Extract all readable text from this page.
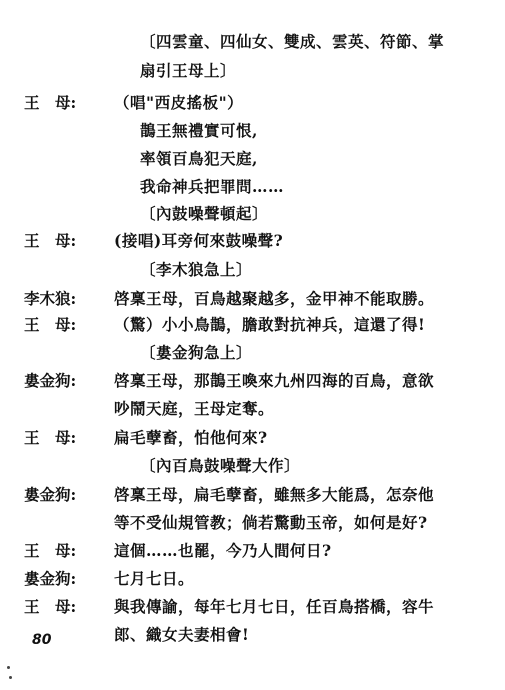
〔四雲童、四仙女、雙成、雲英、符節、掌
扇引王母上〕
王　母: （唱"西皮搖板"）
鵲王無禮實可恨,
率領百鳥犯天庭,
我命神兵把罪問……
〔內鼓噪聲頓起〕
王　母: (接唱)耳旁何來鼓噪聲?
〔李木狼急上〕
李木狼: 啓稟王母，百鳥越聚越多，金甲神不能取勝。
王　母: （驚）小小鳥鵲，膽敢對抗神兵，這還了得!
〔婁金狗急上〕
婁金狗: 啓稟王母，那鵲王喚來九州四海的百鳥，意欲
吵鬧天庭，王母定奪。
王　母: 扁毛孽畜，怕他何來?
〔內百鳥鼓噪聲大作〕
婁金狗: 啓稟王母，扁毛孽畜，雖無多大能爲，怎奈他
等不受仙規管教；倘若驚動玉帝，如何是好?
王　母: 這個……也罷，今乃人間何日?
婁金狗: 七月七日。
王　母: 與我傳諭，每年七月七日，任百鳥搭橋，容牛
郎、織女夫妻相會!
80
